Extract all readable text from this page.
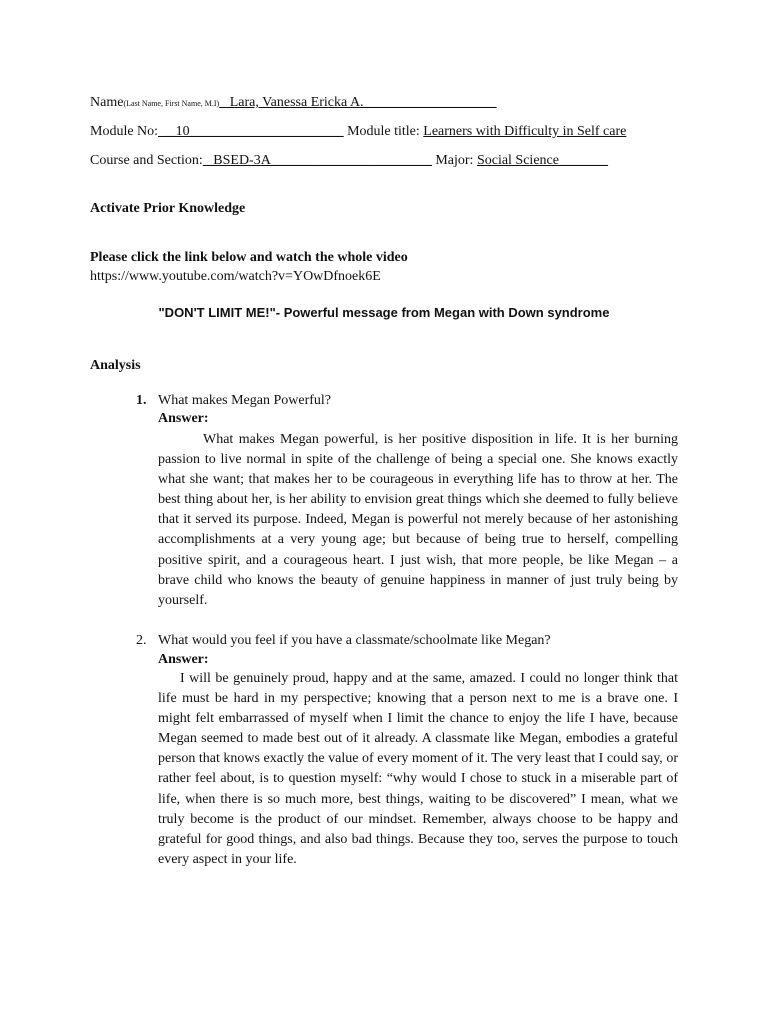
Name(Last Name, First Name, M.I)_ Lara, Vanessa Ericka A.___________________
Module No: __10______________________ Module title: Learners with Difficulty in Self care
Course and Section: _BSED-3A_______________________ Major: Social Science_______
Activate Prior Knowledge
Please click the link below and watch the whole video
https://www.youtube.com/watch?v=YOwDfnoek6E
"DON'T LIMIT ME!"- Powerful message from Megan with Down syndrome
Analysis
1. What makes Megan Powerful?
Answer:
What makes Megan powerful, is her positive disposition in life. It is her burning passion to live normal in spite of the challenge of being a special one. She knows exactly what she want; that makes her to be courageous in everything life has to throw at her. The best thing about her, is her ability to envision great things which she deemed to fully believe that it served its purpose. Indeed, Megan is powerful not merely because of her astonishing accomplishments at a very young age; but because of being true to herself, compelling positive spirit, and a courageous heart. I just wish, that more people, be like Megan – a brave child who knows the beauty of genuine happiness in manner of just truly being by yourself.
2. What would you feel if you have a classmate/schoolmate like Megan?
Answer:
I will be genuinely proud, happy and at the same, amazed. I could no longer think that life must be hard in my perspective; knowing that a person next to me is a brave one. I might felt embarrassed of myself when I limit the chance to enjoy the life I have, because Megan seemed to made best out of it already. A classmate like Megan, embodies a grateful person that knows exactly the value of every moment of it. The very least that I could say, or rather feel about, is to question myself: “why would I chose to stuck in a miserable part of life, when there is so much more, best things, waiting to be discovered” I mean, what we truly become is the product of our mindset. Remember, always choose to be happy and grateful for good things, and also bad things. Because they too, serves the purpose to touch every aspect in your life.
